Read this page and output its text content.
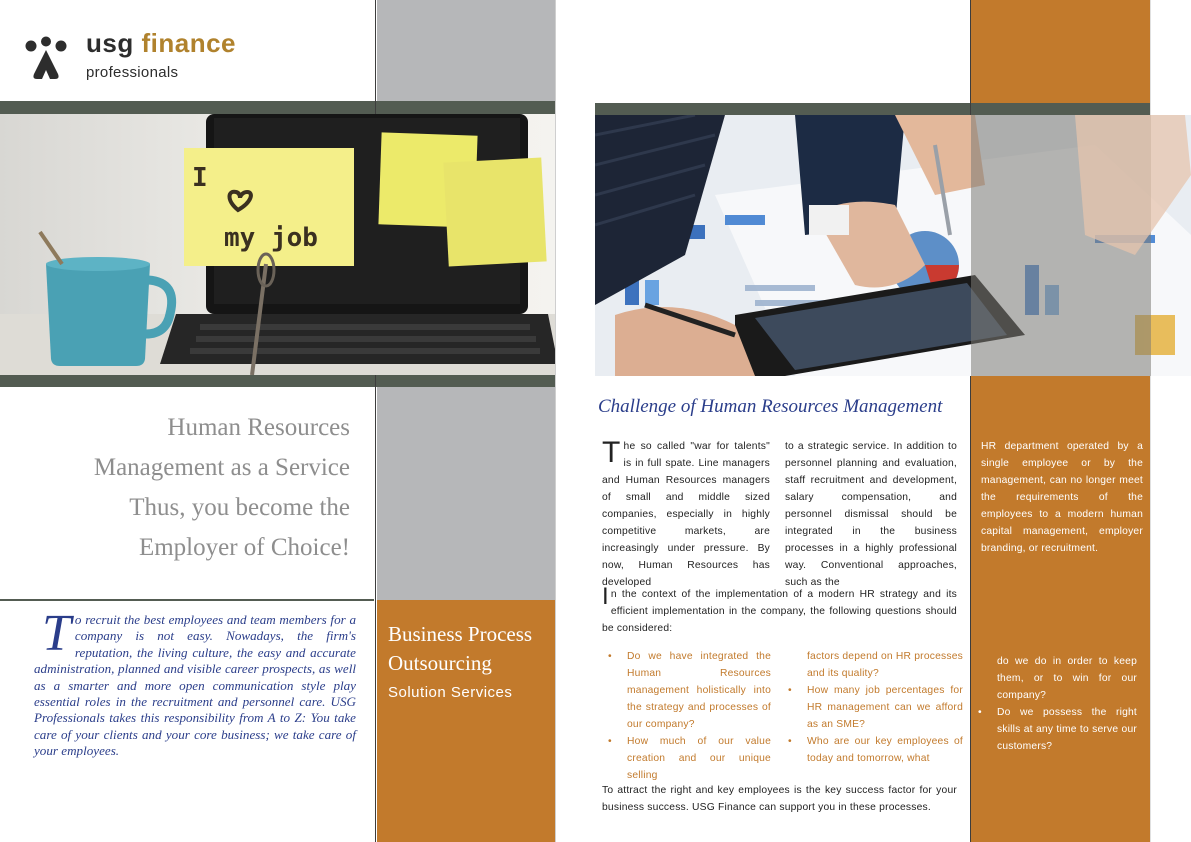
usg finance
professionals
I
my job
Human Resources
Management as a Service
Thus, you become the
Employer of Choice!
To recruit the best employees and team members for a company is not easy. Nowadays, the firm's reputation, the living culture, the easy and accurate administration, planned and visible career prospects, as well as a smarter and more open communication style play essential roles in the recruitment and personnel care. USG Professionals takes this responsibility from A to Z: You take care of your clients and your core business; we take care of your employees.
Business Process
Outsourcing
Solution Services
Challenge of Human Resources Management
The so called "war for talents" is in full spate. Line managers and Human Resources managers of small and middle sized companies, especially in highly competitive markets, are increasingly under pressure. By now, Human Resources has developed
to a strategic service. In addition to personnel planning and evaluation, staff recruitment and development, salary compensation, and personnel dismissal should be integrated in the business processes in a highly professional way. Conventional approaches, such as the
HR department operated by a single employee or by the management, can no longer meet the requirements of the employees to a modern human capital management, employer branding, or recruitment.
In the context of the implementation of a modern HR strategy and its efficient implementation in the company, the following questions should be considered:
• Do we have integrated the Human Resources management holistically into the strategy and processes of our company?
• How much of our value creation and our unique selling
factors depend on HR processes and its quality?
• How many job percentages for HR management can we afford as an SME?
• Who are our key employees of today and tomorrow, what
do we do in order to keep them, or to win for our company?
• Do we possess the right skills at any time to serve our customers?
To attract the right and key employees is the key success factor for your business success. USG Finance can support you in these processes.
